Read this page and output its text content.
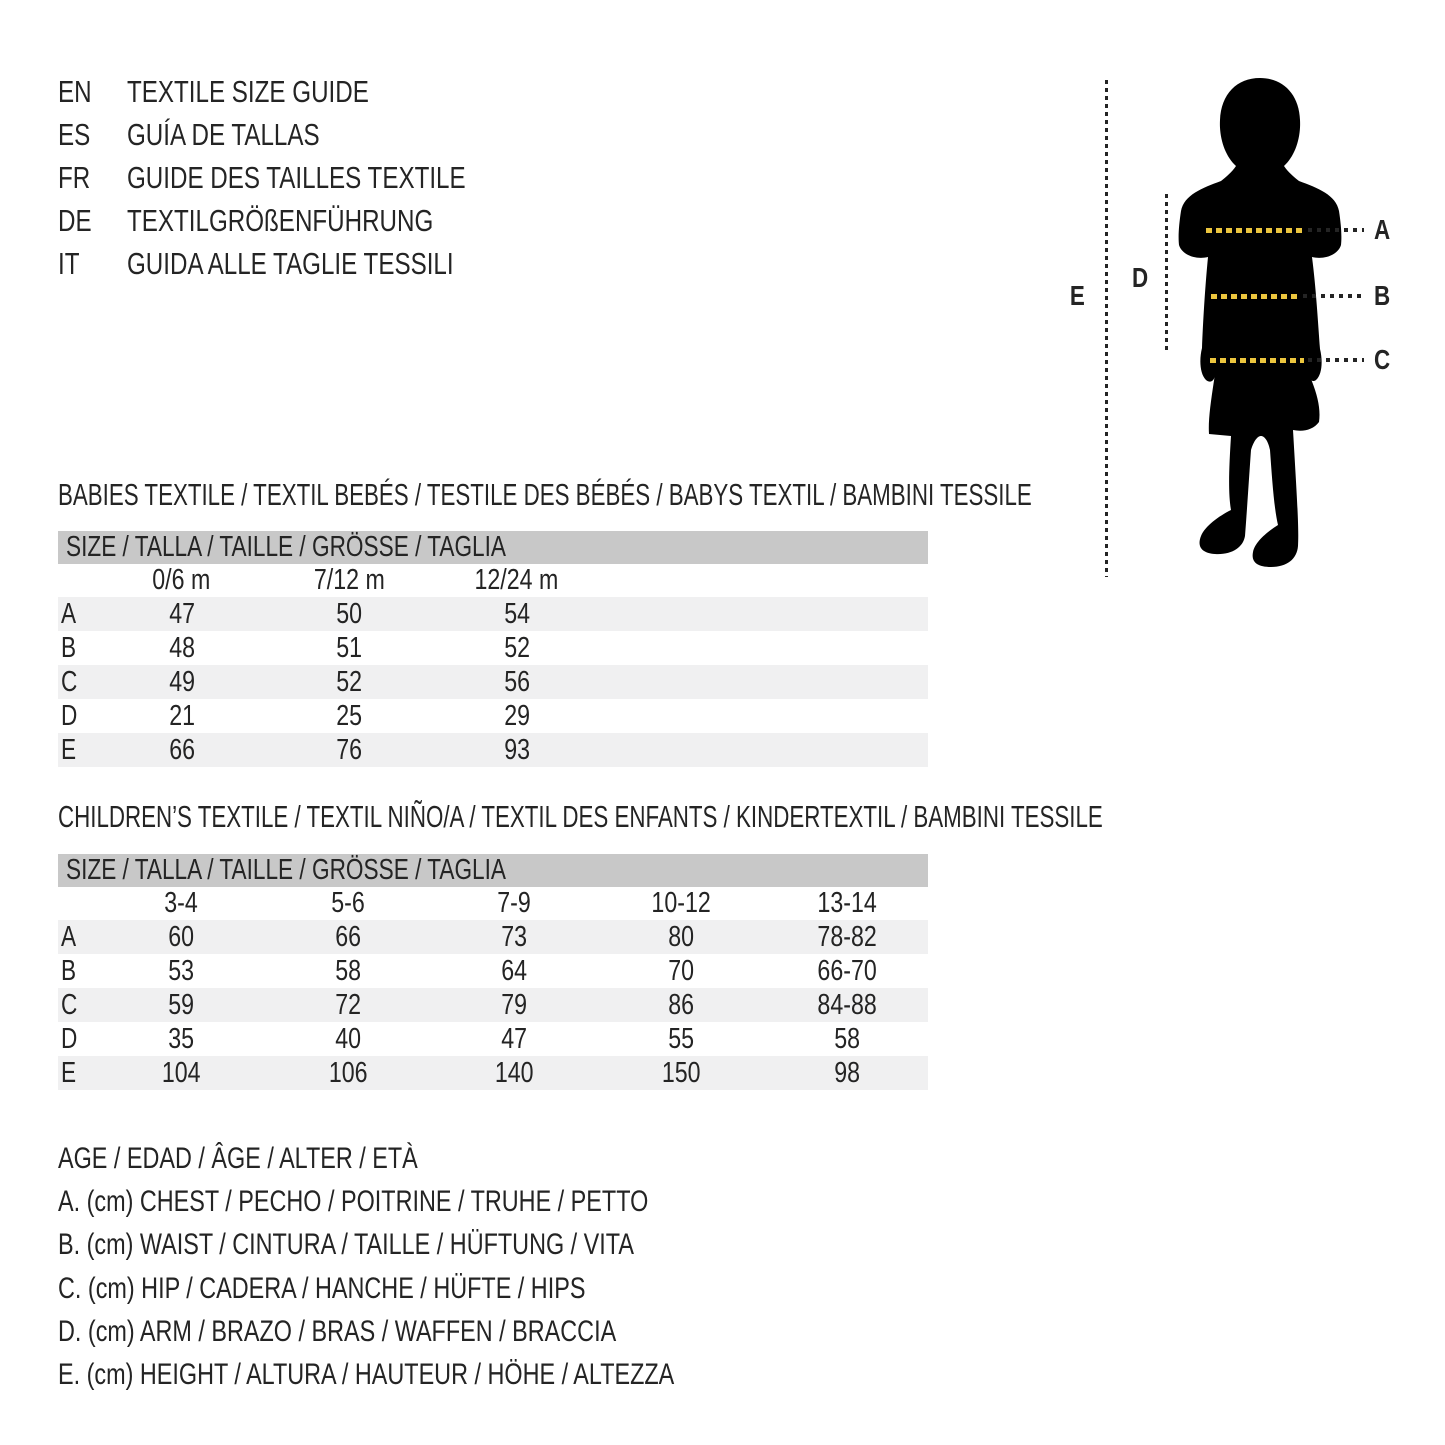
EN	TEXTILE SIZE GUIDE
ES GUÍA DE TALLAS
FR GUIDE DES TAILLES TEXTILE
DE	TEXTILGRÖßENFÜHRUNG
IT GUIDA ALLE TAGLIE TESSILI
E
D
A
B
C
BABIES TEXTILE / TEXTIL BEBÉS / TESTILE DES BÉBÉS / BABYS TEXTIL / BAMBINI TESSILE
SIZE / TALLA / TAILLE / GRÖSSE / TAGLIA
0/6 m	7/12 m	12/24 m
A	47	50	54
B	48	51	52
C	49	52	56
D	21	25	29
E	66	76	93
CHILDREN’S TEXTILE / TEXTIL NIÑO/A / TEXTIL DES ENFANTS / KINDERTEXTIL / BAMBINI TESSILE
SIZE / TALLA / TAILLE / GRÖSSE / TAGLIA
3-4	5-6	7-9	10-12	13-14
A	60	66	73	80	78-82
B	53	58	64	70	66-70
C	59	72	79	86	84-88
D	35	40	47	55	58
E	104	106	140	150	98
AGE / EDAD / ÂGE / ALTER / ETÀ
A. (cm) CHEST / PECHO / POITRINE / TRUHE / PETTO
B. (cm) WAIST / CINTURA / TAILLE / HÜFTUNG / VITA
C. (cm) HIP / CADERA / HANCHE / HÜFTE / HIPS
D. (cm) ARM / BRAZO / BRAS / WAFFEN / BRACCIA
E. (cm) HEIGHT / ALTURA / HAUTEUR / HÖHE / ALTEZZA
